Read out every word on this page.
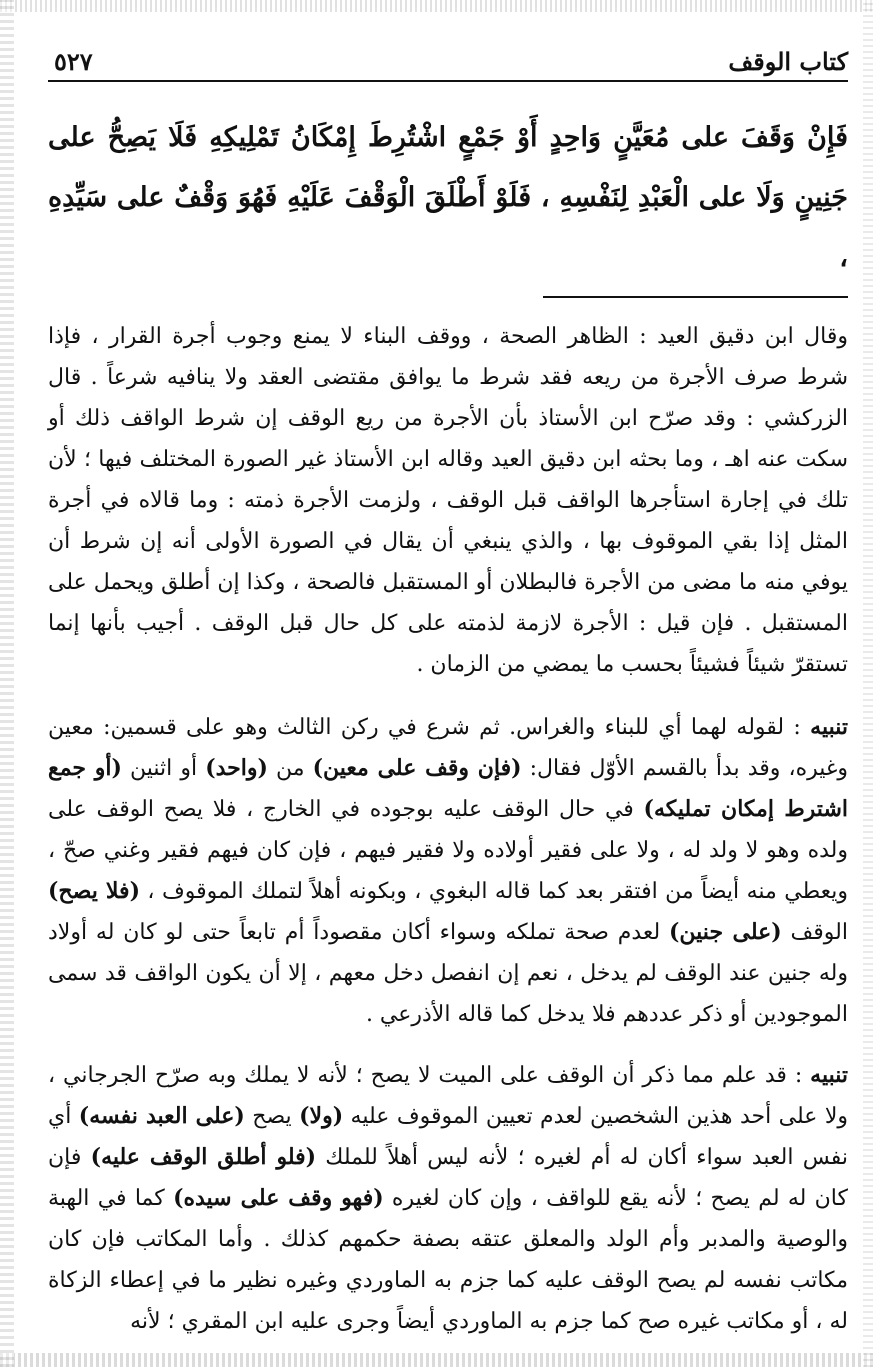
كتاب الوقف
٥٢٧
فَإِنْ وَقَفَ على مُعَيَّنٍ وَاحِدٍ أَوْ جَمْعٍ اشْتُرِطَ إِمْكَانُ تَمْلِيكِهِ فَلَا يَصِحُّ على جَنِينٍ وَلَا على الْعَبْدِ لِنَفْسِهِ ، فَلَوْ أَطْلَقَ الْوَقْفَ عَلَيْهِ فَهُوَ وَقْفٌ على سَيِّدِهِ ،

وقال ابن دقيق العيد : الظاهر الصحة ، ووقف البناء لا يمنع وجوب أجرة القرار ، فإذا شرط صرف الأجرة من ريعه فقد شرط ما يوافق مقتضى العقد ولا ينافيه شرعاً . قال الزركشي : وقد صرّح ابن الأستاذ بأن الأجرة من ريع الوقف إن شرط الواقف ذلك أو سكت عنه اهـ ، وما بحثه ابن دقيق العيد وقاله ابن الأستاذ غير الصورة المختلف فيها ؛ لأن تلك في إجارة استأجرها الواقف قبل الوقف ، ولزمت الأجرة ذمته : وما قالاه في أجرة المثل إذا بقي الموقوف بها ، والذي ينبغي أن يقال في الصورة الأولى أنه إن شرط أن يوفي منه ما مضى من الأجرة فالبطلان أو المستقبل فالصحة ، وكذا إن أطلق ويحمل على المستقبل . فإن قيل : الأجرة لازمة لذمته على كل حال قبل الوقف . أجيب بأنها إنما تستقرّ شيئاً فشيئاً بحسب ما يمضي من الزمان .

تنبيه : لقوله لهما أي للبناء والغراس. ثم شرع في ركن الثالث وهو على قسمين: معين وغيره، وقد بدأ بالقسم الأوّل فقال: (فإن وقف على معين) من (واحد) أو اثنين (أو جمع اشترط إمكان تمليكه) في حال الوقف عليه بوجوده في الخارج ، فلا يصح الوقف على ولده وهو لا ولد له ، ولا على فقير أولاده ولا فقير فيهم ، فإن كان فيهم فقير وغني صحّ ، ويعطي منه أيضاً من افتقر بعد كما قاله البغوي ، وبكونه أهلاً لتملك الموقوف ، (فلا يصح) الوقف (على جنين) لعدم صحة تملكه وسواء أكان مقصوداً أم تابعاً حتى لو كان له أولاد وله جنين عند الوقف لم يدخل ، نعم إن انفصل دخل معهم ، إلا أن يكون الواقف قد سمى الموجودين أو ذكر عددهم فلا يدخل كما قاله الأذرعي .

تنبيه : قد علم مما ذكر أن الوقف على الميت لا يصح ؛ لأنه لا يملك وبه صرّح الجرجاني ، ولا على أحد هذين الشخصين لعدم تعيين الموقوف عليه (ولا) يصح (على العبد نفسه) أي نفس العبد سواء أكان له أم لغيره ؛ لأنه ليس أهلاً للملك (فلو أطلق الوقف عليه) فإن كان له لم يصح ؛ لأنه يقع للواقف ، وإن كان لغيره (فهو وقف على سيده) كما في الهبة والوصية والمدبر وأم الولد والمعلق عتقه بصفة حكمهم كذلك . وأما المكاتب فإن كان مكاتب نفسه لم يصح الوقف عليه كما جزم به الماوردي وغيره نظير ما في إعطاء الزكاة له ، أو مكاتب غيره صح كما جزم به الماوردي أيضاً وجرى عليه ابن المقري ؛ لأنه
